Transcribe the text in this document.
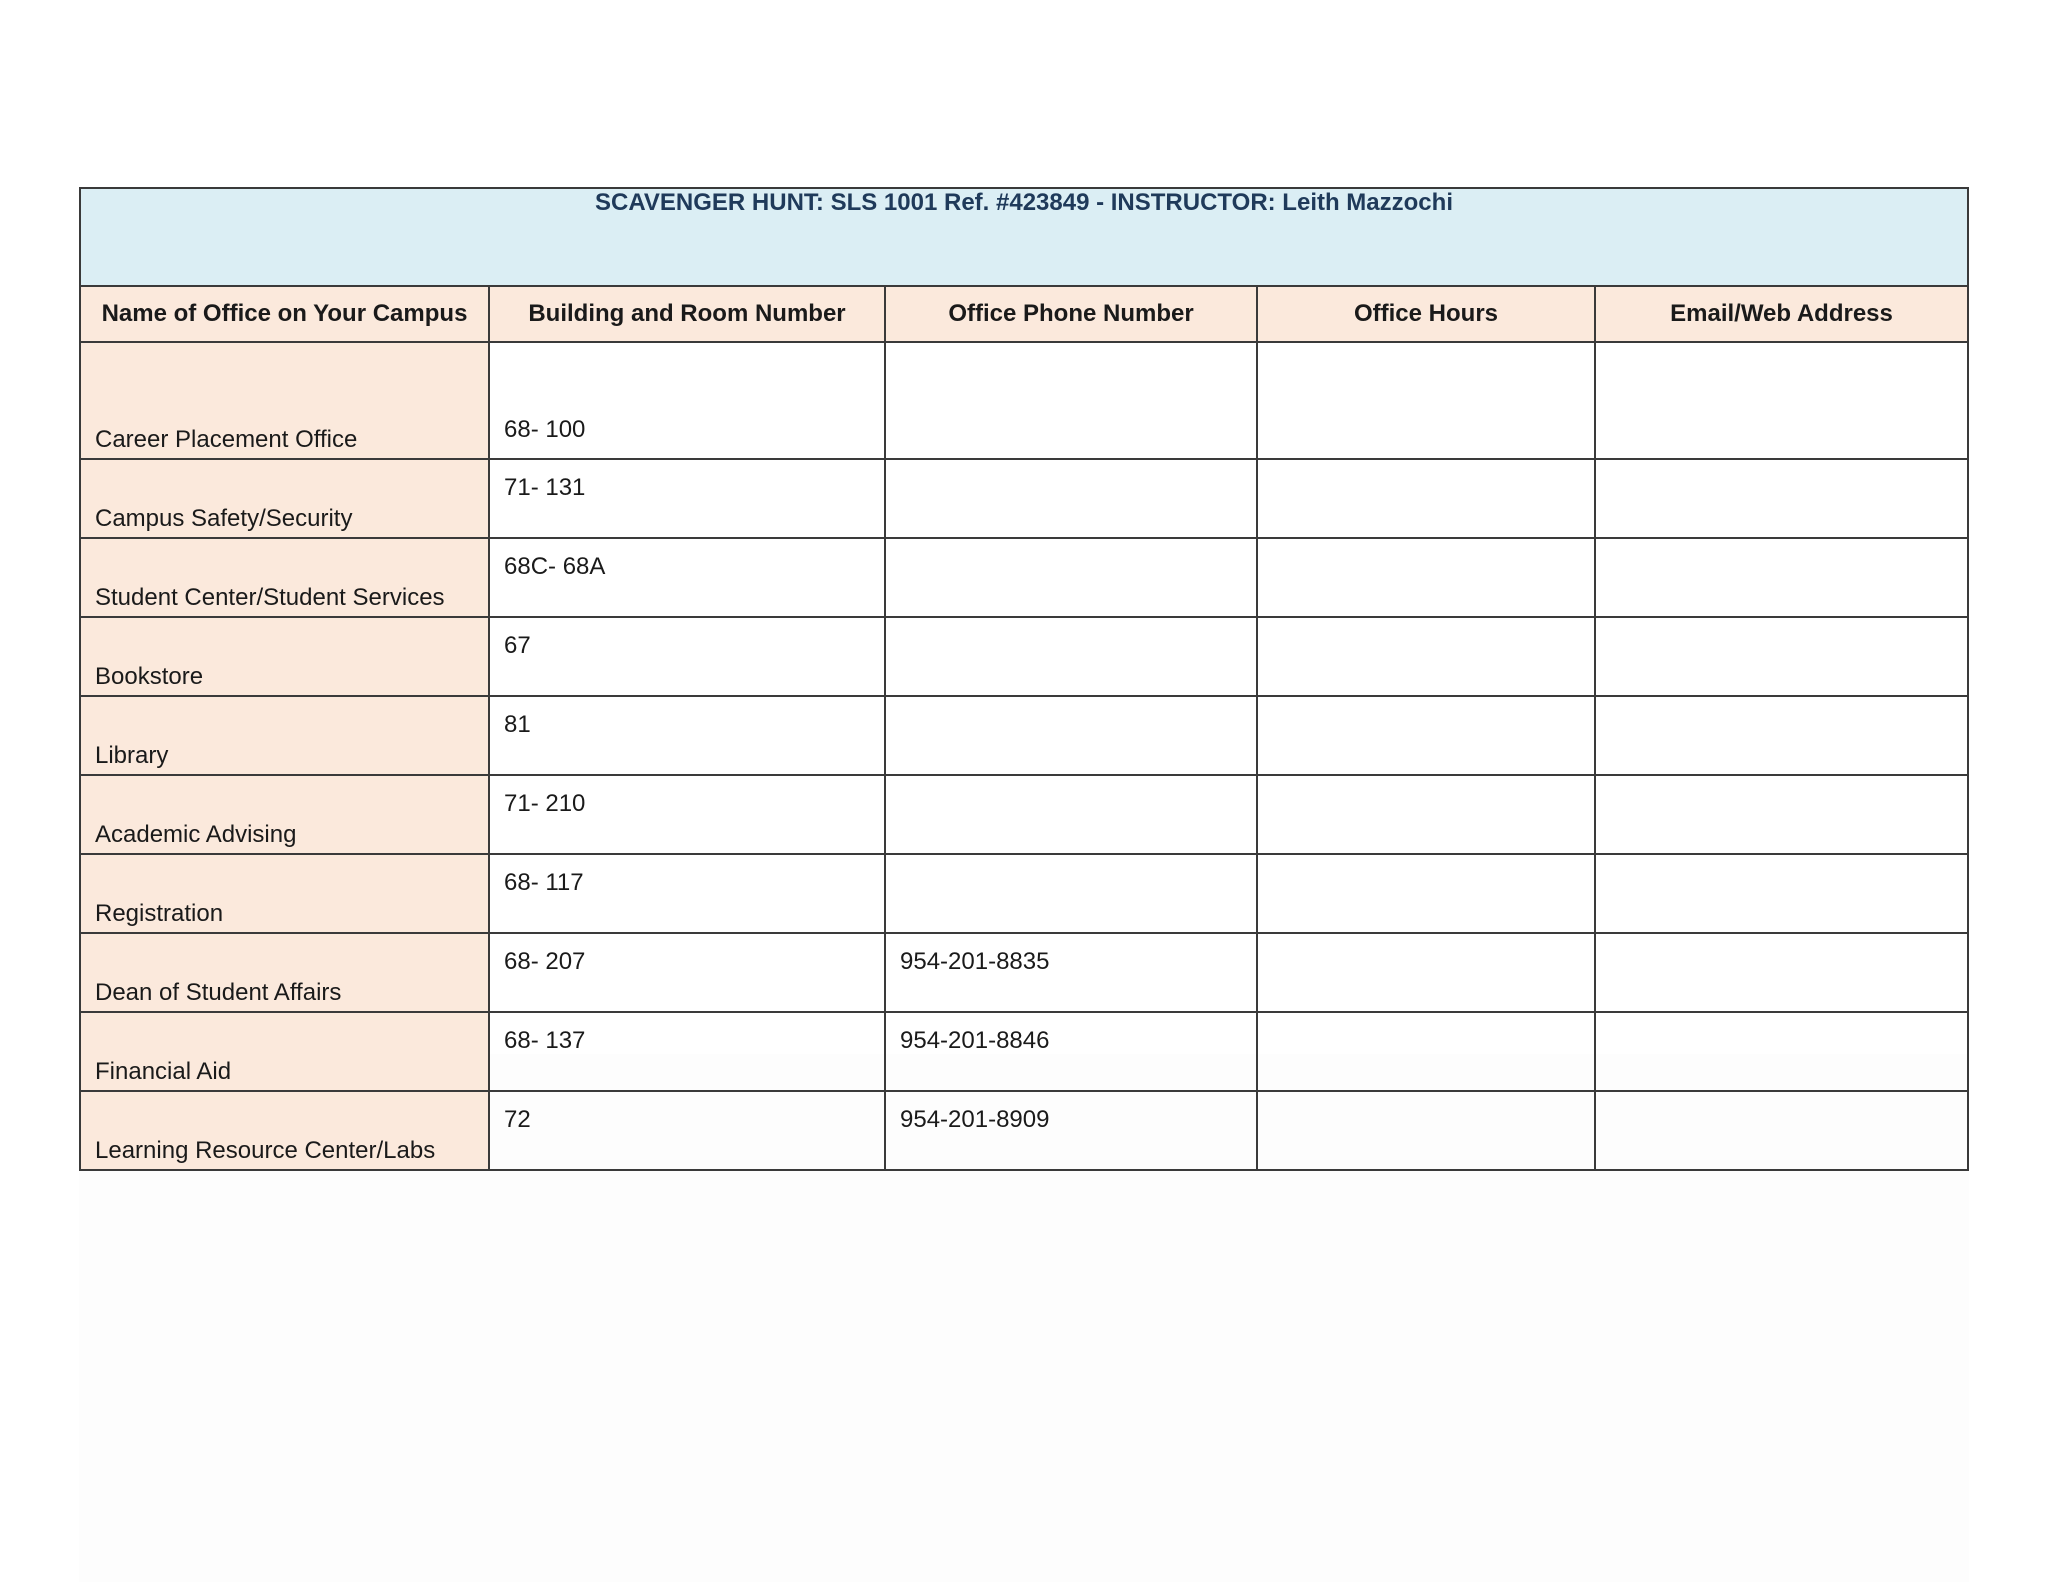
SCAVENGER HUNT: SLS 1001 Ref. #423849 - INSTRUCTOR: Leith Mazzochi				
Name of Office on Your Campus	Building and Room Number	Office Phone Number	Office Hours	Email/Web Address
Career Placement Office	68- 100			
Campus Safety/Security	71- 131			
Student Center/Student Services	68C- 68A			
Bookstore	67			
Library	81			
Academic Advising	71- 210			
Registration	68- 117			
Dean of Student Affairs	68- 207	954-201-8835		
Financial Aid	68- 137	954-201-8846		
Learning Resource Center/Labs	72	954-201-8909		
